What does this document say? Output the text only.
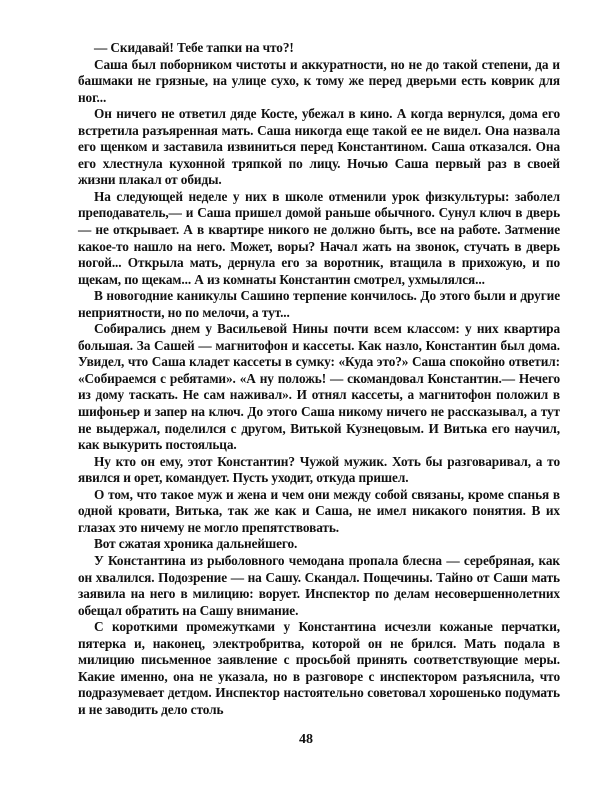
— Скидавай! Тебе тапки на что?!

Саша был поборником чистоты и аккуратности, но не до такой степени, да и башмаки не грязные, на улице сухо, к тому же перед дверьми есть коврик для ног...

Он ничего не ответил дяде Косте, убежал в кино. А когда вернулся, дома его встретила разъяренная мать. Саша никогда еще такой ее не видел. Она назвала его щенком и заставила извиниться перед Константином. Саша отказался. Она его хлестнула кухонной тряпкой по лицу. Ночью Саша первый раз в своей жизни плакал от обиды.

На следующей неделе у них в школе отменили урок физкультуры: заболел преподаватель,— и Саша пришел домой раньше обычного. Сунул ключ в дверь — не открывает. А в квартире никого не должно быть, все на работе. Затмение какое-то нашло на него. Может, воры? Начал жать на звонок, стучать в дверь ногой... Открыла мать, дернула его за воротник, втащила в прихожую, и по щекам, по щекам... А из комнаты Константин смотрел, ухмылялся...

В новогодние каникулы Сашино терпение кончилось. До этого были и другие неприятности, но по мелочи, а тут...

Собирались днем у Васильевой Нины почти всем классом: у них квартира большая. За Сашей — магнитофон и кассеты. Как назло, Константин был дома. Увидел, что Саша кладет кассеты в сумку: «Куда это?» Саша спокойно ответил: «Собираемся с ребятами». «А ну положь! — скомандовал Константин.— Нечего из дому таскать. Не сам наживал». И отнял кассеты, а магнитофон положил в шифоньер и запер на ключ. До этого Саша никому ничего не рассказывал, а тут не выдержал, поделился с другом, Витькой Кузнецовым. И Витька его научил, как выкурить постояльца.

Ну кто он ему, этот Константин? Чужой мужик. Хоть бы разговаривал, а то явился и орет, командует. Пусть уходит, откуда пришел.

О том, что такое муж и жена и чем они между собой связаны, кроме спанья в одной кровати, Витька, так же как и Саша, не имел никакого понятия. В их глазах это ничему не могло препятствовать.

Вот сжатая хроника дальнейшего.

У Константина из рыболовного чемодана пропала блесна — серебряная, как он хвалился. Подозрение — на Сашу. Скандал. Пощечины. Тайно от Саши мать заявила на него в милицию: ворует. Инспектор по делам несовершеннолетних обещал обратить на Сашу внимание.

С короткими промежутками у Константина исчезли кожаные перчатки, пятерка и, наконец, электробритва, которой он не брился. Мать подала в милицию письменное заявление с просьбой принять соответствующие меры. Какие именно, она не указала, но в разговоре с инспектором разъяснила, что подразумевает детдом. Инспектор настоятельно советовал хорошенько подумать и не заводить дело столь

48
